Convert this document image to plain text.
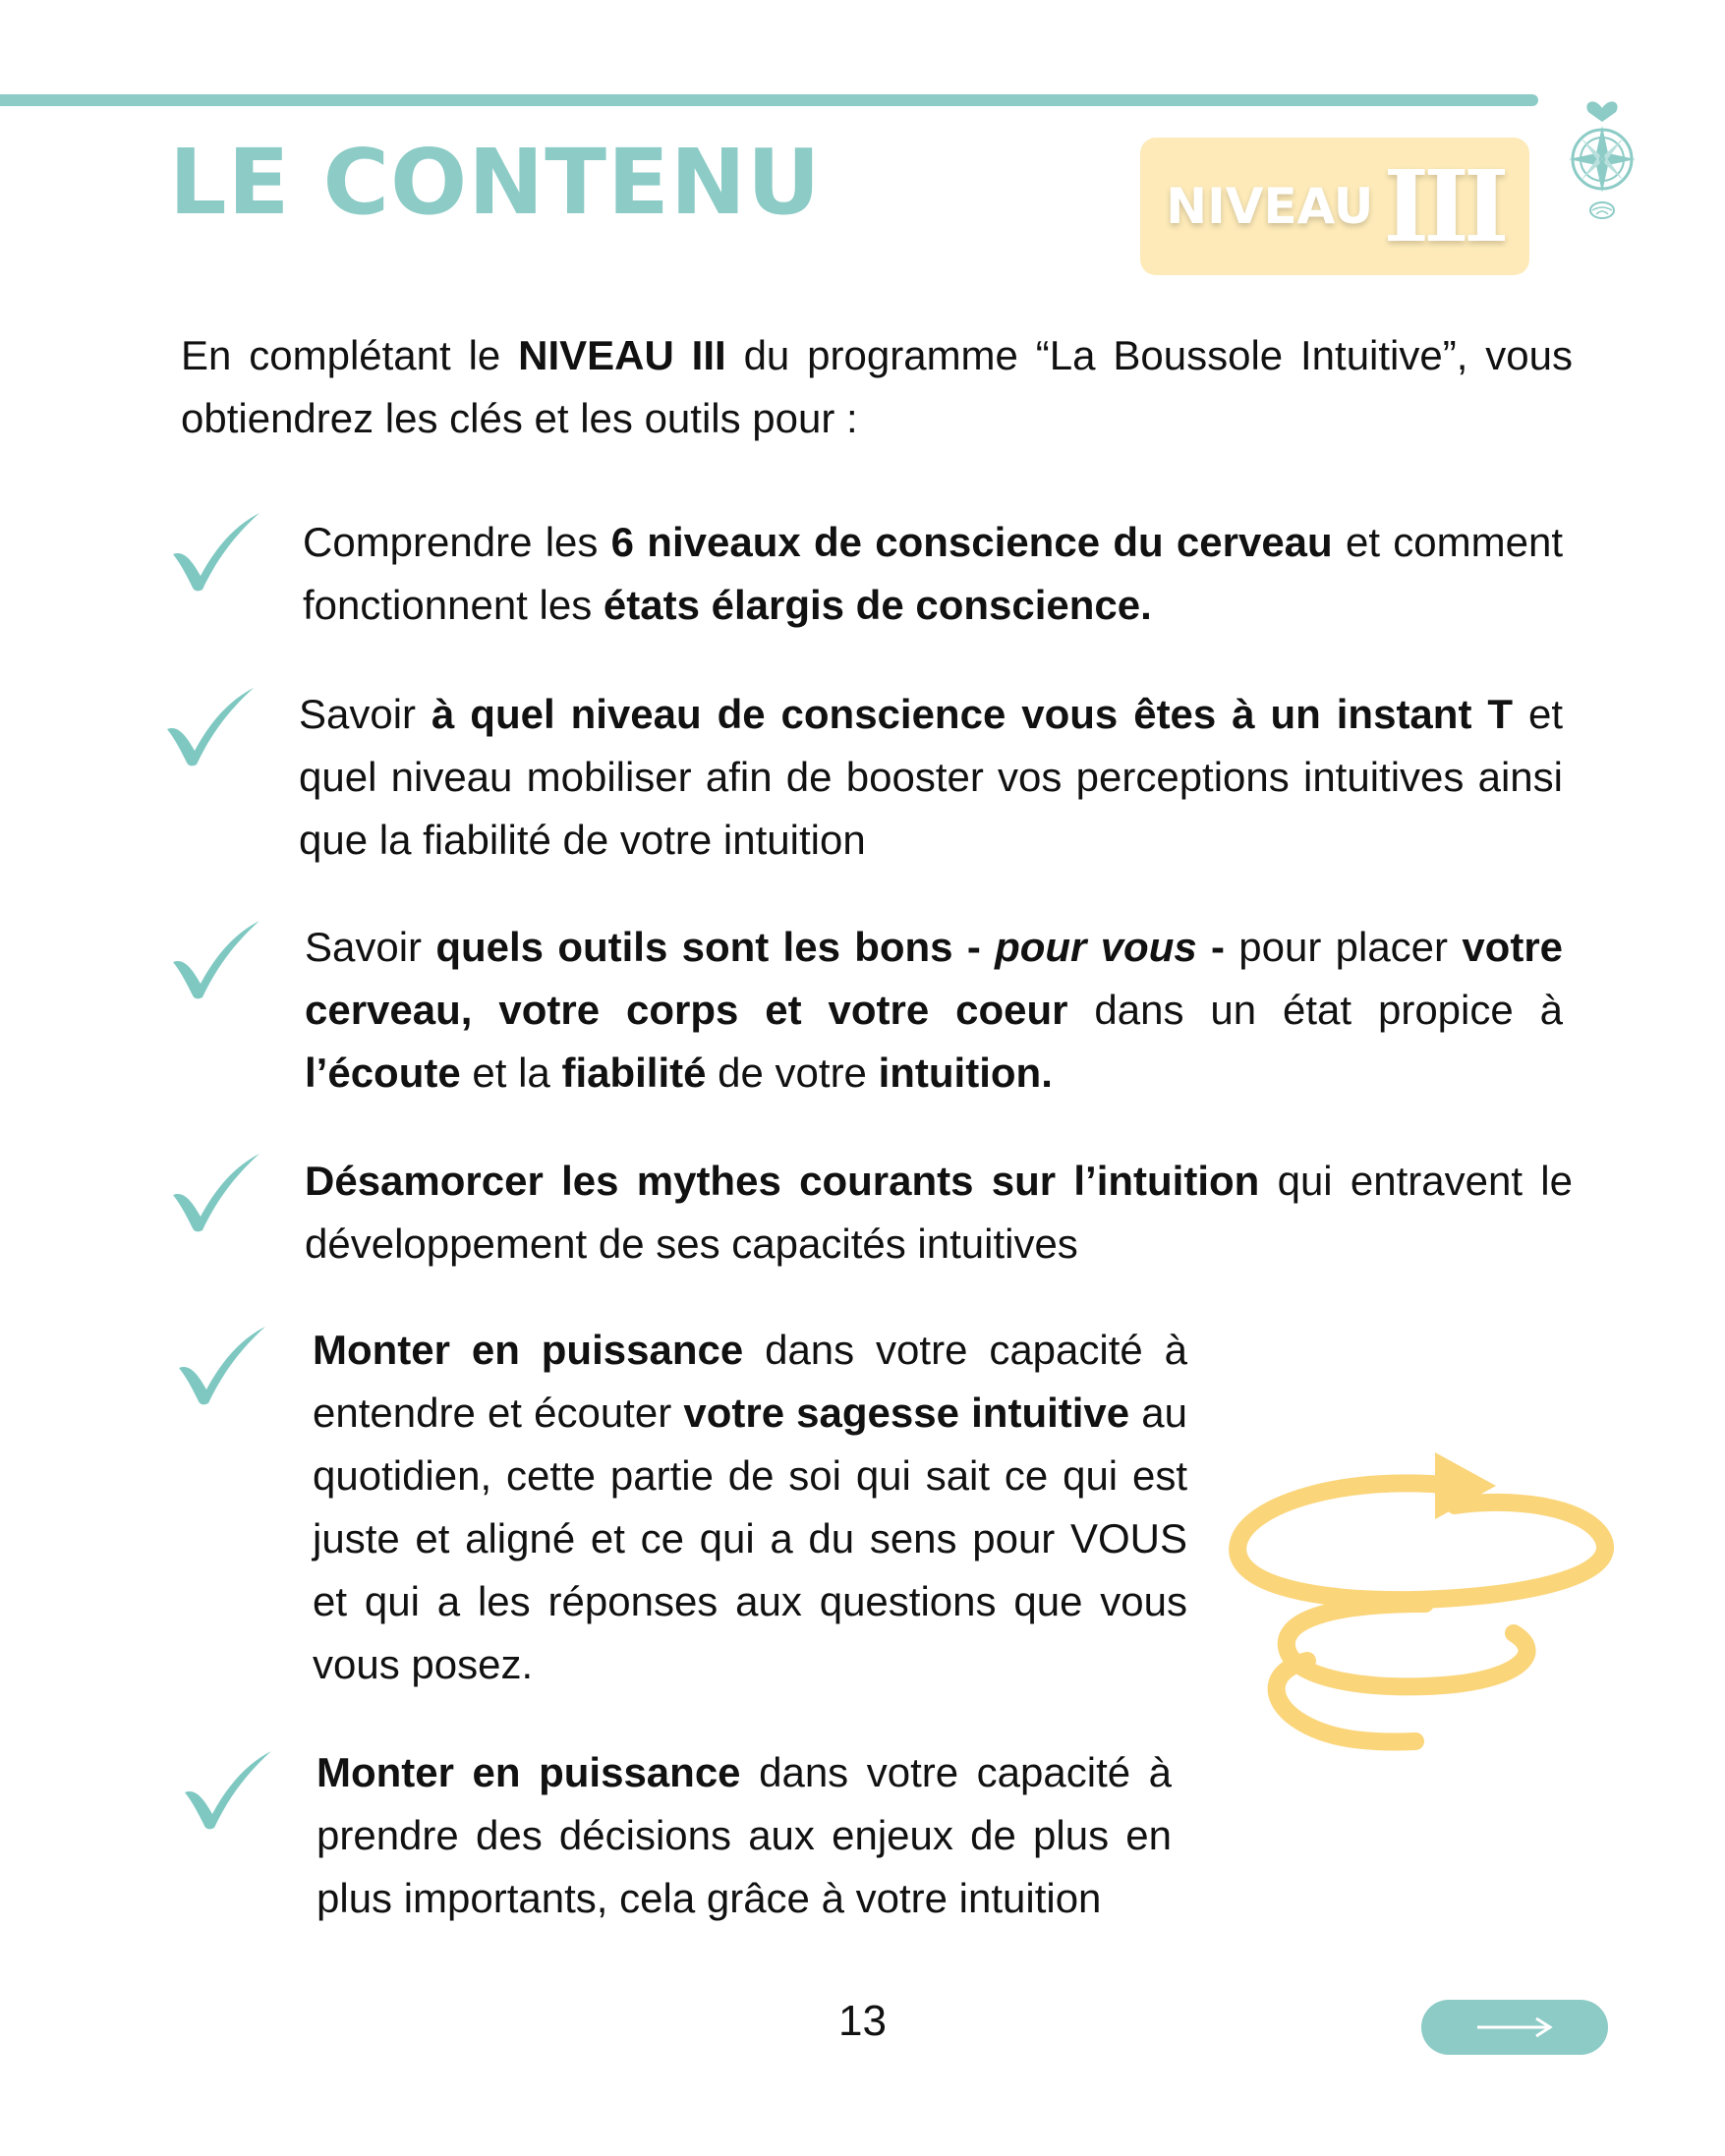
LE CONTENU	NIVEAU III

En complétant le NIVEAU III du programme “La Boussole Intuitive”, vous obtiendrez les clés et les outils pour :

Comprendre les 6 niveaux de conscience du cerveau et comment fonctionnent les états élargis de conscience.

Savoir à quel niveau de conscience vous êtes à un instant T et quel niveau mobiliser afin de booster vos perceptions intuitives ainsi que la fiabilité de votre intuition

Savoir quels outils sont les bons - pour vous - pour placer votre cerveau, votre corps et votre coeur dans un état propice à l’écoute et la fiabilité de votre intuition.

Désamorcer les mythes courants sur l’intuition qui entravent le développement de ses capacités intuitives

Monter en puissance dans votre capacité à entendre et écouter votre sagesse intuitive au quotidien, cette partie de soi qui sait ce qui est juste et aligné et ce qui a du sens pour VOUS et qui a les réponses aux questions que vous vous posez.

Monter en puissance dans votre capacité à prendre des décisions aux enjeux de plus en plus importants, cela grâce à votre intuition

13
